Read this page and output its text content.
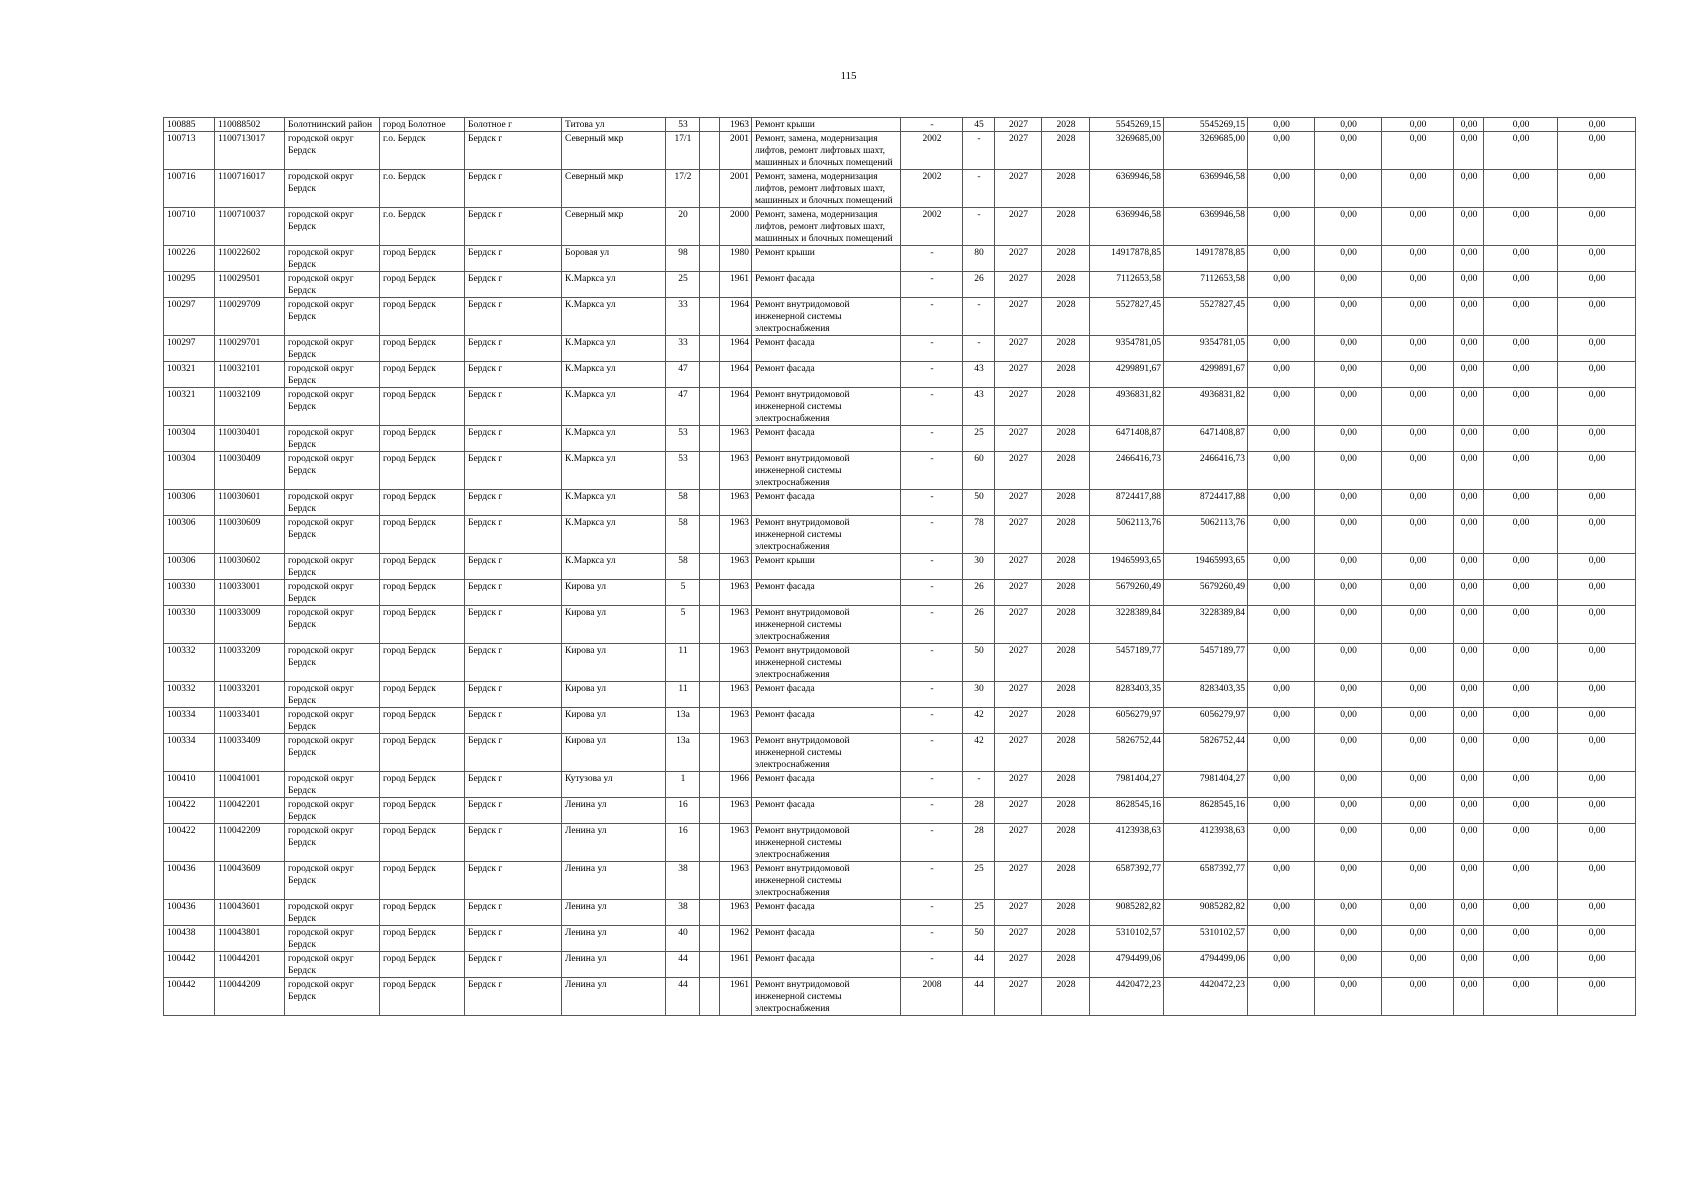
115
100885	110088502	Болотнинский район	город Болотное	Болотное г	Титова ул	53		1963	Ремонт крыши	-	45	2027	2028	5545269,15	5545269,15	0,00	0,00	0,00	0,00	0,00	0,00
100713	1100713017	городской округ Бердск	г.о. Бердск	Бердск г	Северный мкр	17/1		2001	Ремонт, замена, модернизация лифтов, ремонт лифтовых шахт, машинных и блочных помещений	2002	-	2027	2028	3269685,00	3269685,00	0,00	0,00	0,00	0,00	0,00	0,00
100716	1100716017	городской округ Бердск	г.о. Бердск	Бердск г	Северный мкр	17/2		2001	Ремонт, замена, модернизация лифтов, ремонт лифтовых шахт, машинных и блочных помещений	2002	-	2027	2028	6369946,58	6369946,58	0,00	0,00	0,00	0,00	0,00	0,00
100710	1100710037	городской округ Бердск	г.о. Бердск	Бердск г	Северный мкр	20		2000	Ремонт, замена, модернизация лифтов, ремонт лифтовых шахт, машинных и блочных помещений	2002	-	2027	2028	6369946,58	6369946,58	0,00	0,00	0,00	0,00	0,00	0,00
100226	110022602	городской округ Бердск	город Бердск	Бердск г	Боровая ул	98		1980	Ремонт крыши	-	80	2027	2028	14917878,85	14917878,85	0,00	0,00	0,00	0,00	0,00	0,00
100295	110029501	городской округ Бердск	город Бердск	Бердск г	К.Маркса ул	25		1961	Ремонт фасада	-	26	2027	2028	7112653,58	7112653,58	0,00	0,00	0,00	0,00	0,00	0,00
100297	110029709	городской округ Бердск	город Бердск	Бердск г	К.Маркса ул	33		1964	Ремонт внутридомовой инженерной системы электроснабжения	-	-	2027	2028	5527827,45	5527827,45	0,00	0,00	0,00	0,00	0,00	0,00
100297	110029701	городской округ Бердск	город Бердск	Бердск г	К.Маркса ул	33		1964	Ремонт фасада	-	-	2027	2028	9354781,05	9354781,05	0,00	0,00	0,00	0,00	0,00	0,00
100321	110032101	городской округ Бердск	город Бердск	Бердск г	К.Маркса ул	47		1964	Ремонт фасада	-	43	2027	2028	4299891,67	4299891,67	0,00	0,00	0,00	0,00	0,00	0,00
100321	110032109	городской округ Бердск	город Бердск	Бердск г	К.Маркса ул	47		1964	Ремонт внутридомовой инженерной системы электроснабжения	-	43	2027	2028	4936831,82	4936831,82	0,00	0,00	0,00	0,00	0,00	0,00
100304	110030401	городской округ Бердск	город Бердск	Бердск г	К.Маркса ул	53		1963	Ремонт фасада	-	25	2027	2028	6471408,87	6471408,87	0,00	0,00	0,00	0,00	0,00	0,00
100304	110030409	городской округ Бердск	город Бердск	Бердск г	К.Маркса ул	53		1963	Ремонт внутридомовой инженерной системы электроснабжения	-	60	2027	2028	2466416,73	2466416,73	0,00	0,00	0,00	0,00	0,00	0,00
100306	110030601	городской округ Бердск	город Бердск	Бердск г	К.Маркса ул	58		1963	Ремонт фасада	-	50	2027	2028	8724417,88	8724417,88	0,00	0,00	0,00	0,00	0,00	0,00
100306	110030609	городской округ Бердск	город Бердск	Бердск г	К.Маркса ул	58		1963	Ремонт внутридомовой инженерной системы электроснабжения	-	78	2027	2028	5062113,76	5062113,76	0,00	0,00	0,00	0,00	0,00	0,00
100306	110030602	городской округ Бердск	город Бердск	Бердск г	К.Маркса ул	58		1963	Ремонт крыши	-	30	2027	2028	19465993,65	19465993,65	0,00	0,00	0,00	0,00	0,00	0,00
100330	110033001	городской округ Бердск	город Бердск	Бердск г	Кирова ул	5		1963	Ремонт фасада	-	26	2027	2028	5679260,49	5679260,49	0,00	0,00	0,00	0,00	0,00	0,00
100330	110033009	городской округ Бердск	город Бердск	Бердск г	Кирова ул	5		1963	Ремонт внутридомовой инженерной системы электроснабжения	-	26	2027	2028	3228389,84	3228389,84	0,00	0,00	0,00	0,00	0,00	0,00
100332	110033209	городской округ Бердск	город Бердск	Бердск г	Кирова ул	11		1963	Ремонт внутридомовой инженерной системы электроснабжения	-	50	2027	2028	5457189,77	5457189,77	0,00	0,00	0,00	0,00	0,00	0,00
100332	110033201	городской округ Бердск	город Бердск	Бердск г	Кирова ул	11		1963	Ремонт фасада	-	30	2027	2028	8283403,35	8283403,35	0,00	0,00	0,00	0,00	0,00	0,00
100334	110033401	городской округ Бердск	город Бердск	Бердск г	Кирова ул	13а		1963	Ремонт фасада	-	42	2027	2028	6056279,97	6056279,97	0,00	0,00	0,00	0,00	0,00	0,00
100334	110033409	городской округ Бердск	город Бердск	Бердск г	Кирова ул	13а		1963	Ремонт внутридомовой инженерной системы электроснабжения	-	42	2027	2028	5826752,44	5826752,44	0,00	0,00	0,00	0,00	0,00	0,00
100410	110041001	городской округ Бердск	город Бердск	Бердск г	Кутузова ул	1		1966	Ремонт фасада	-	-	2027	2028	7981404,27	7981404,27	0,00	0,00	0,00	0,00	0,00	0,00
100422	110042201	городской округ Бердск	город Бердск	Бердск г	Ленина ул	16		1963	Ремонт фасада	-	28	2027	2028	8628545,16	8628545,16	0,00	0,00	0,00	0,00	0,00	0,00
100422	110042209	городской округ Бердск	город Бердск	Бердск г	Ленина ул	16		1963	Ремонт внутридомовой инженерной системы электроснабжения	-	28	2027	2028	4123938,63	4123938,63	0,00	0,00	0,00	0,00	0,00	0,00
100436	110043609	городской округ Бердск	город Бердск	Бердск г	Ленина ул	38		1963	Ремонт внутридомовой инженерной системы электроснабжения	-	25	2027	2028	6587392,77	6587392,77	0,00	0,00	0,00	0,00	0,00	0,00
100436	110043601	городской округ Бердск	город Бердск	Бердск г	Ленина ул	38		1963	Ремонт фасада	-	25	2027	2028	9085282,82	9085282,82	0,00	0,00	0,00	0,00	0,00	0,00
100438	110043801	городской округ Бердск	город Бердск	Бердск г	Ленина ул	40		1962	Ремонт фасада	-	50	2027	2028	5310102,57	5310102,57	0,00	0,00	0,00	0,00	0,00	0,00
100442	110044201	городской округ Бердск	город Бердск	Бердск г	Ленина ул	44		1961	Ремонт фасада	-	44	2027	2028	4794499,06	4794499,06	0,00	0,00	0,00	0,00	0,00	0,00
100442	110044209	городской округ Бердск	город Бердск	Бердск г	Ленина ул	44		1961	Ремонт внутридомовой инженерной системы электроснабжения	2008	44	2027	2028	4420472,23	4420472,23	0,00	0,00	0,00	0,00	0,00	0,00
